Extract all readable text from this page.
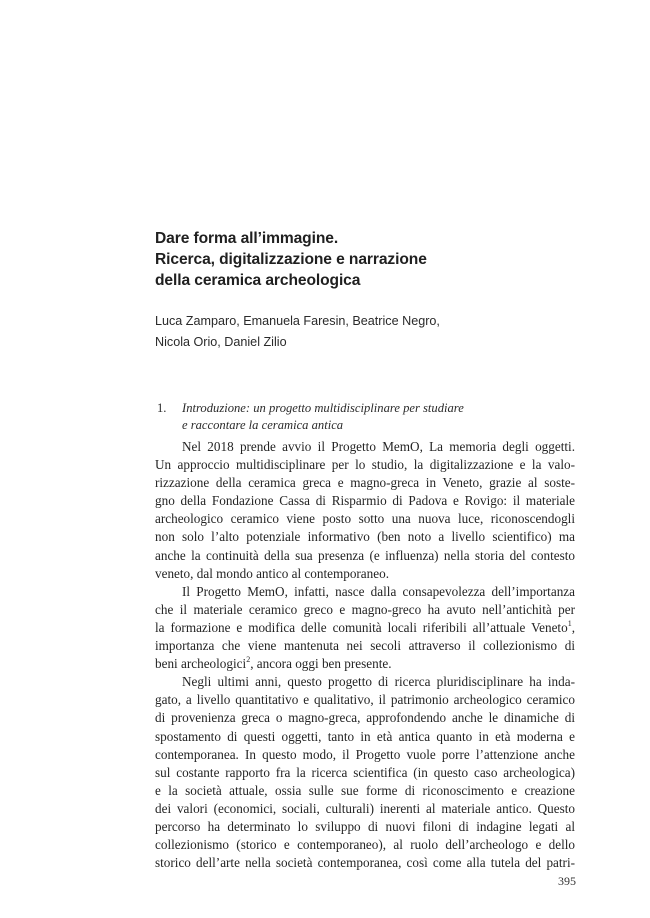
Dare forma all’immagine.
Ricerca, digitalizzazione e narrazione
della ceramica archeologica
Luca Zamparo, Emanuela Faresin, Beatrice Negro,
Nicola Orio, Daniel Zilio
1. Introduzione: un progetto multidisciplinare per studiare
e raccontare la ceramica antica
Nel 2018 prende avvio il Progetto MemO, La memoria degli oggetti.
Un approccio multidisciplinare per lo studio, la digitalizzazione e la valo-
rizzazione della ceramica greca e magno-greca in Veneto, grazie al soste-
gno della Fondazione Cassa di Risparmio di Padova e Rovigo: il materiale
archeologico ceramico viene posto sotto una nuova luce, riconoscendogli
non solo l’alto potenziale informativo (ben noto a livello scientifico) ma
anche la continuità della sua presenza (e influenza) nella storia del contesto
veneto, dal mondo antico al contemporaneo.
Il Progetto MemO, infatti, nasce dalla consapevolezza dell’importanza
che il materiale ceramico greco e magno-greco ha avuto nell’antichità per
la formazione e modifica delle comunità locali riferibili all’attuale Veneto$^1$,
importanza che viene mantenuta nei secoli attraverso il collezionismo di
beni archeologici$^2$, ancora oggi ben presente.
Negli ultimi anni, questo progetto di ricerca pluridisciplinare ha inda-
gato, a livello quantitativo e qualitativo, il patrimonio archeologico ceramico
di provenienza greca o magno-greca, approfondendo anche le dinamiche di
spostamento di questi oggetti, tanto in età antica quanto in età moderna e
contemporanea. In questo modo, il Progetto vuole porre l’attenzione anche
sul costante rapporto fra la ricerca scientifica (in questo caso archeologica)
e la società attuale, ossia sulle sue forme di riconoscimento e creazione
dei valori (economici, sociali, culturali) inerenti al materiale antico. Questo
percorso ha determinato lo sviluppo di nuovi filoni di indagine legati al
collezionismo (storico e contemporaneo), al ruolo dell’archeologo e dello
storico dell’arte nella società contemporanea, così come alla tutela del patri-
395
